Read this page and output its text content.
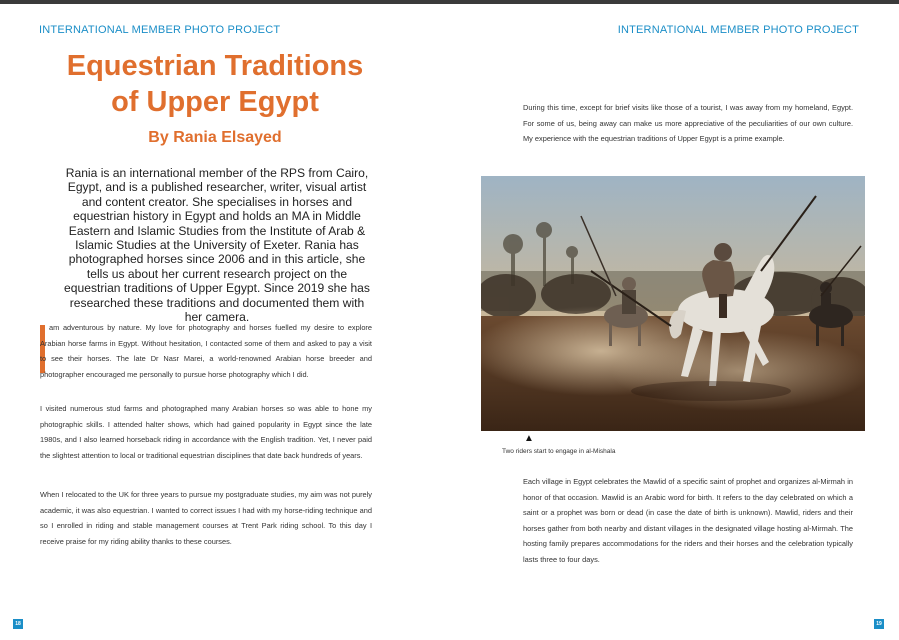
INTERNATIONAL MEMBER PHOTO PROJECT	INTERNATIONAL MEMBER PHOTO PROJECT
Equestrian Traditions
of Upper Egypt
By Rania Elsayed

Rania is an international member of the RPS from Cairo, Egypt, and is a published researcher, writer, visual artist and content creator. She specialises in horses and equestrian history in Egypt and holds an MA in Middle Eastern and Islamic Studies from the Institute of Arab & Islamic Studies at the University of Exeter. Rania has photographed horses since 2006 and in this article, she tells us about her current research project on the equestrian traditions of Upper Egypt. Since 2019 she has researched these traditions and documented them with her camera.

am adventurous by nature. My love for photography and horses fuelled my desire to explore Arabian horse farms in Egypt. Without hesitation, I contacted some of them and asked to pay a visit to see their horses. The late Dr Nasr Marei, a world-renowned Arabian horse breeder and photographer encouraged me personally to pursue horse photography which I did.

I visited numerous stud farms and photographed many Arabian horses so was able to hone my photographic skills. I attended halter shows, which had gained popularity in Egypt since the late 1980s, and I also learned horseback riding in accordance with the English tradition. Yet, I never paid the slightest attention to local or traditional equestrian disciplines that date back hundreds of years.

When I relocated to the UK for three years to pursue my postgraduate studies, my aim was not purely academic, it was also equestrian. I wanted to correct issues I had with my horse-riding technique and so I enrolled in riding and stable management courses at Trent Park riding school. To this day I receive praise for my riding ability thanks to these courses.

During this time, except for brief visits like those of a tourist, I was away from my homeland, Egypt. For some of us, being away can make us more appreciative of the peculiarities of our own culture. My experience with the equestrian traditions of Upper Egypt is a prime example.

▲
Two riders start to engage in al-Mishala

Each village in Egypt celebrates the Mawlid of a specific saint of prophet and organizes al-Mirmah in honor of that occasion. Mawlid is an Arabic word for birth. It refers to the day celebrated on which a saint or a prophet was born or dead (in case the date of birth is unknown). Mawlid, riders and their horses gather from both nearby and distant villages in the designated village hosting al-Mirmah. The hosting family prepares accommodations for the riders and their horses and the celebration typically lasts three to four days.

18	19
